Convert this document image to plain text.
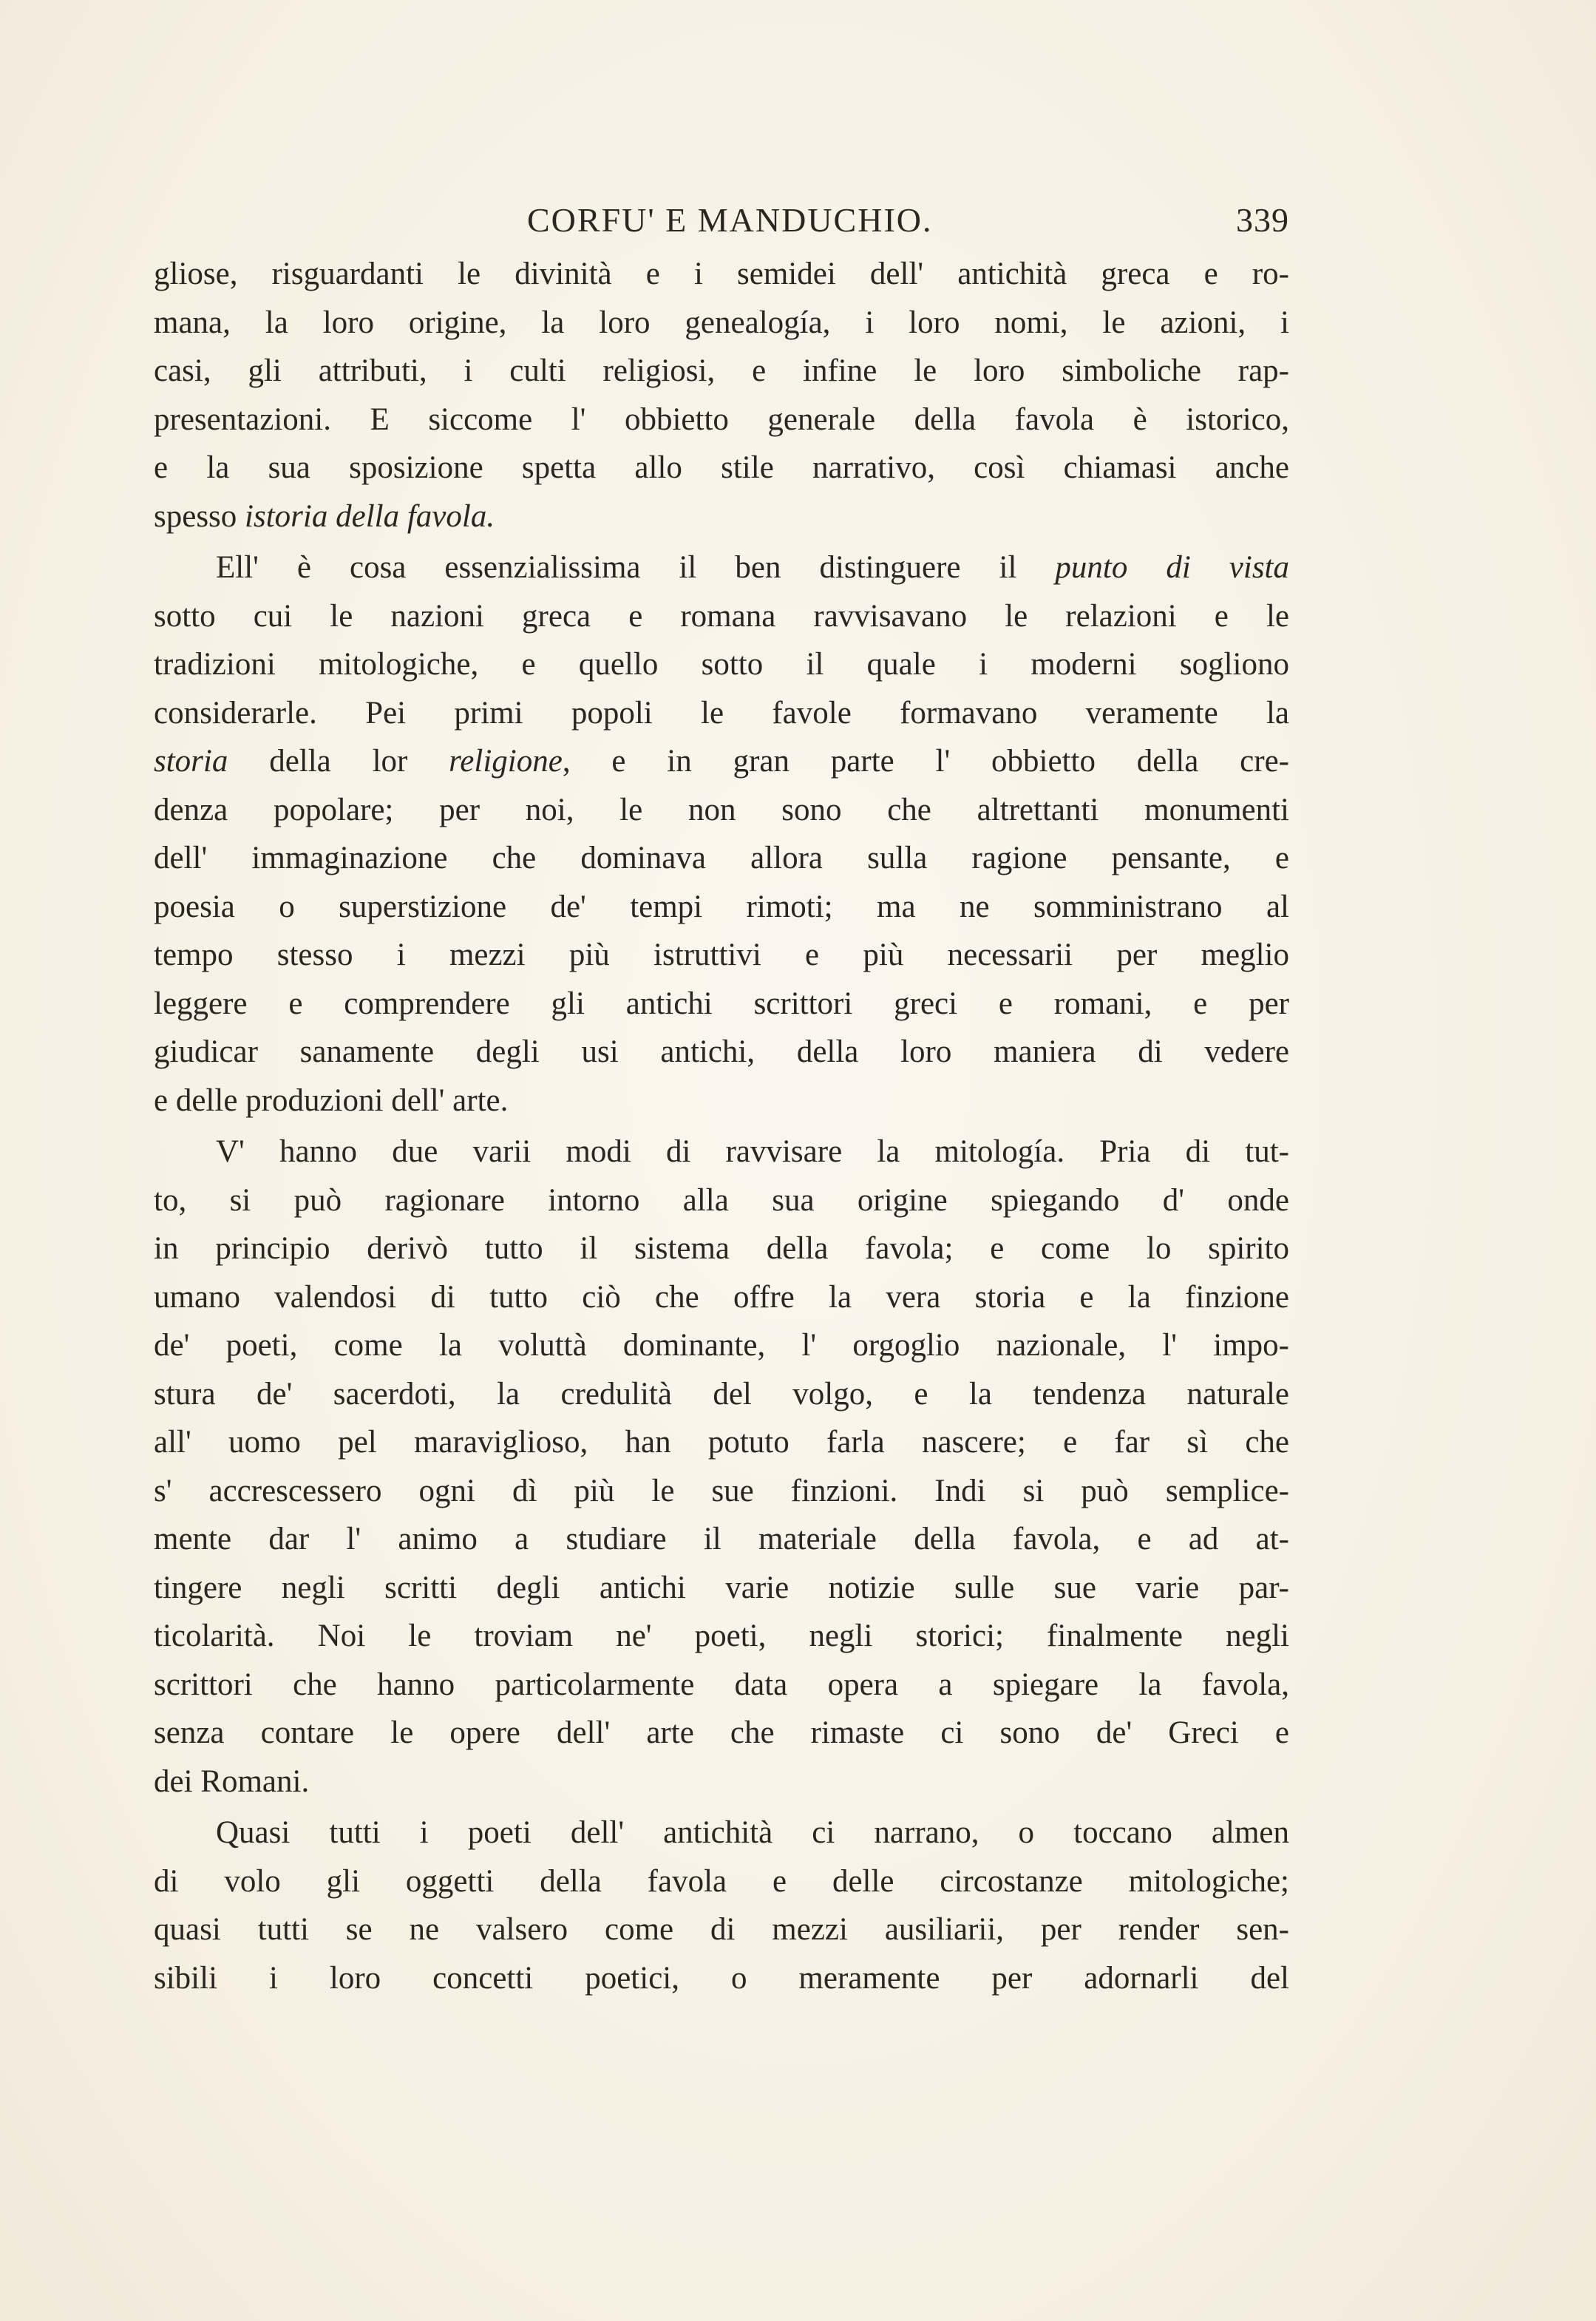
CORFU' E MANDUCHIO.	339
gliose, risguardanti le divinità e i semidei dell' antichità greca e ro-
mana, la loro origine, la loro genealogía, i loro nomi, le azioni, i
casi, gli attributi, i culti religiosi, e infine le loro simboliche rap-
presentazioni. E siccome l' obbietto generale della favola è istorico,
e la sua sposizione spetta allo stile narrativo, così chiamasi anche
spesso istoria della favola.
Ell' è cosa essenzialissima il ben distinguere il punto di vista
sotto cui le nazioni greca e romana ravvisavano le relazioni e le
tradizioni mitologiche, e quello sotto il quale i moderni sogliono
considerarle. Pei primi popoli le favole formavano veramente la
storia della lor religione, e in gran parte l' obbietto della cre-
denza popolare; per noi, le non sono che altrettanti monumenti
dell' immaginazione che dominava allora sulla ragione pensante, e
poesia o superstizione de' tempi rimoti; ma ne somministrano al
tempo stesso i mezzi più istruttivi e più necessarii per meglio
leggere e comprendere gli antichi scrittori greci e romani, e per
giudicar sanamente degli usi antichi, della loro maniera di vedere
e delle produzioni dell' arte.
V' hanno due varii modi di ravvisare la mitología. Pria di tut-
to, si può ragionare intorno alla sua origine spiegando d' onde
in principio derivò tutto il sistema della favola; e come lo spirito
umano valendosi di tutto ciò che offre la vera storia e la finzione
de' poeti, come la voluttà dominante, l' orgoglio nazionale, l' impo-
stura de' sacerdoti, la credulità del volgo, e la tendenza naturale
all' uomo pel maraviglioso, han potuto farla nascere; e far sì che
s' accrescessero ogni dì più le sue finzioni. Indi si può semplice-
mente dar l' animo a studiare il materiale della favola, e ad at-
tingere negli scritti degli antichi varie notizie sulle sue varie par-
ticolarità. Noi le troviam ne' poeti, negli storici; finalmente negli
scrittori che hanno particolarmente data opera a spiegare la favola,
senza contare le opere dell' arte che rimaste ci sono de' Greci e
dei Romani.
Quasi tutti i poeti dell' antichità ci narrano, o toccano almen
di volo gli oggetti della favola e delle circostanze mitologiche;
quasi tutti se ne valsero come di mezzi ausiliarii, per render sen-
sibili i loro concetti poetici, o meramente per adornarli del
